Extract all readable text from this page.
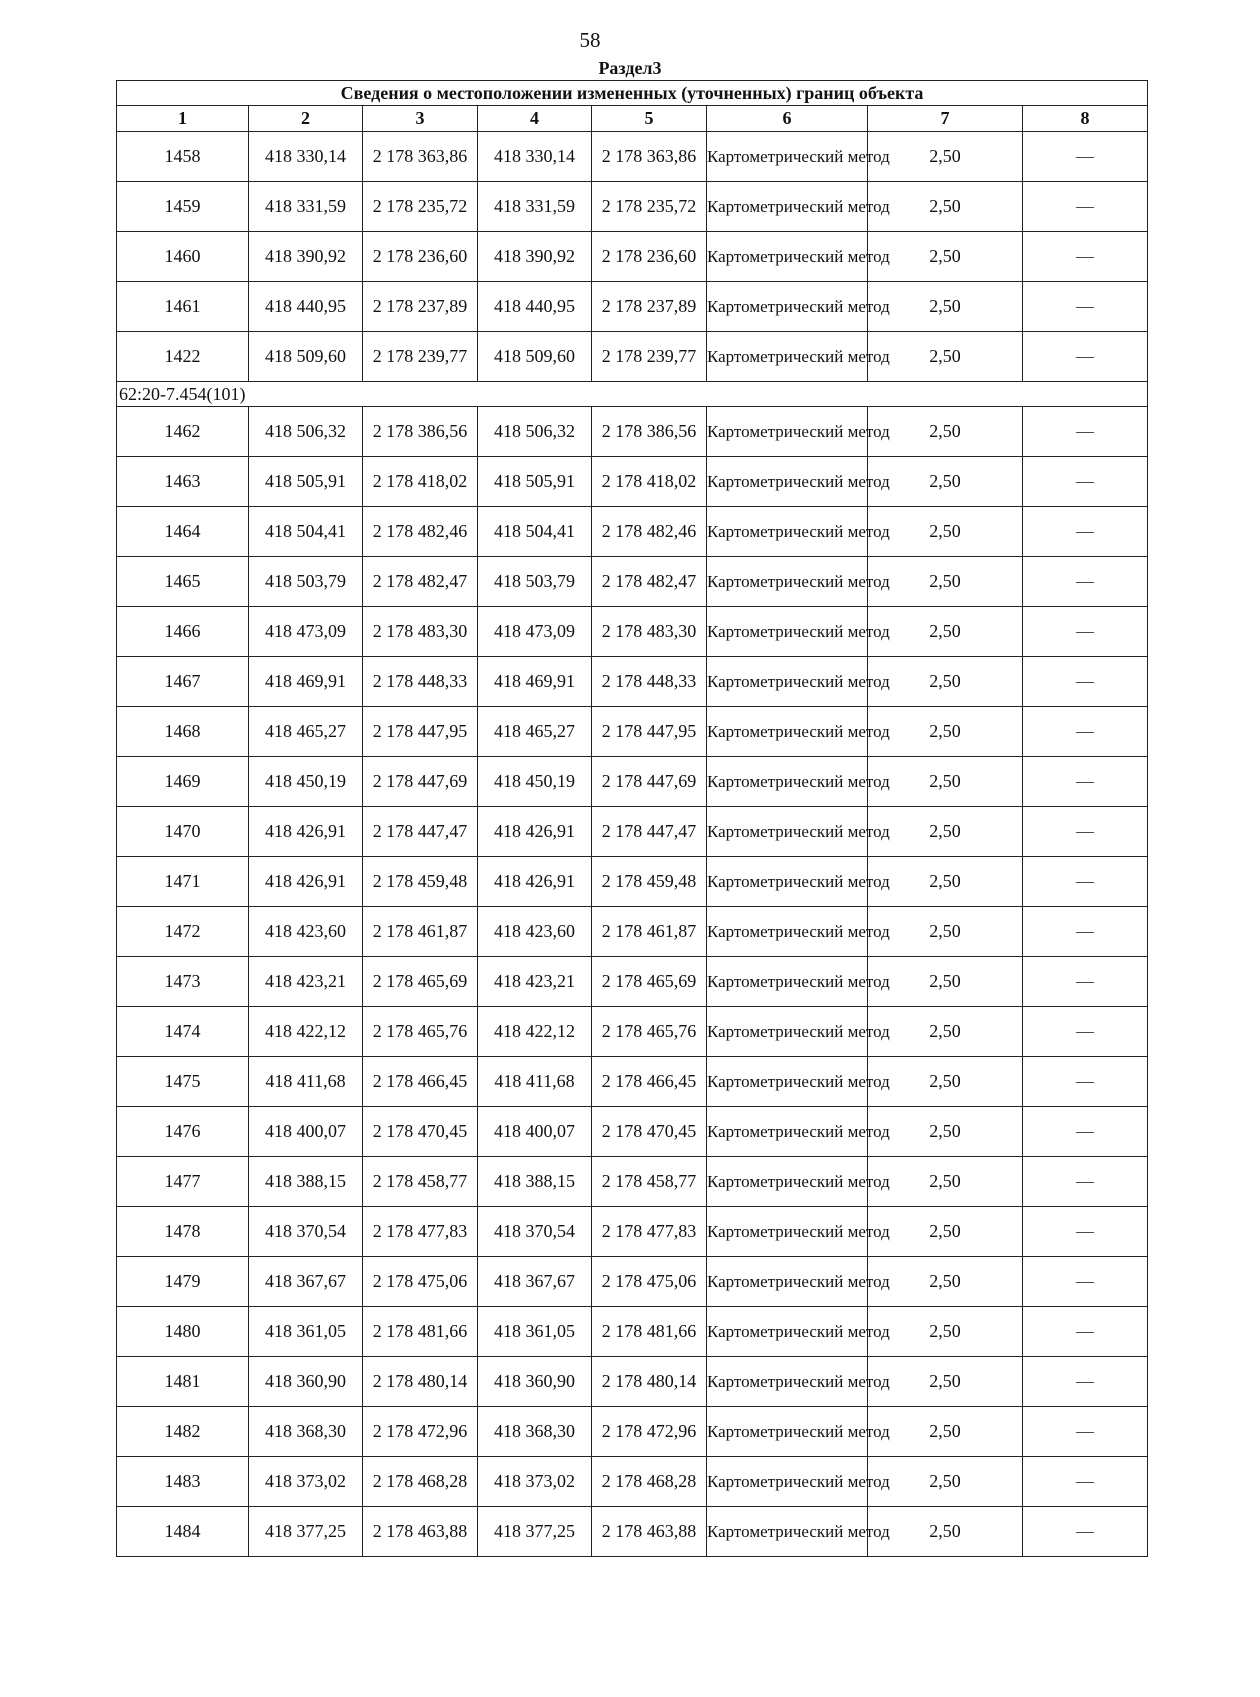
58
Раздел3
Сведения о местоположении измененных (уточненных) границ объекта							
1	2	3	4	5	6	7	8
1458	418 330,14	2 178 363,86	418 330,14	2 178 363,86	Картометрический метод	2,50	—
1459	418 331,59	2 178 235,72	418 331,59	2 178 235,72	Картометрический метод	2,50	—
1460	418 390,92	2 178 236,60	418 390,92	2 178 236,60	Картометрический метод	2,50	—
1461	418 440,95	2 178 237,89	418 440,95	2 178 237,89	Картометрический метод	2,50	—
1422	418 509,60	2 178 239,77	418 509,60	2 178 239,77	Картометрический метод	2,50	—
62:20-7.454(101)							
1462	418 506,32	2 178 386,56	418 506,32	2 178 386,56	Картометрический метод	2,50	—
1463	418 505,91	2 178 418,02	418 505,91	2 178 418,02	Картометрический метод	2,50	—
1464	418 504,41	2 178 482,46	418 504,41	2 178 482,46	Картометрический метод	2,50	—
1465	418 503,79	2 178 482,47	418 503,79	2 178 482,47	Картометрический метод	2,50	—
1466	418 473,09	2 178 483,30	418 473,09	2 178 483,30	Картометрический метод	2,50	—
1467	418 469,91	2 178 448,33	418 469,91	2 178 448,33	Картометрический метод	2,50	—
1468	418 465,27	2 178 447,95	418 465,27	2 178 447,95	Картометрический метод	2,50	—
1469	418 450,19	2 178 447,69	418 450,19	2 178 447,69	Картометрический метод	2,50	—
1470	418 426,91	2 178 447,47	418 426,91	2 178 447,47	Картометрический метод	2,50	—
1471	418 426,91	2 178 459,48	418 426,91	2 178 459,48	Картометрический метод	2,50	—
1472	418 423,60	2 178 461,87	418 423,60	2 178 461,87	Картометрический метод	2,50	—
1473	418 423,21	2 178 465,69	418 423,21	2 178 465,69	Картометрический метод	2,50	—
1474	418 422,12	2 178 465,76	418 422,12	2 178 465,76	Картометрический метод	2,50	—
1475	418 411,68	2 178 466,45	418 411,68	2 178 466,45	Картометрический метод	2,50	—
1476	418 400,07	2 178 470,45	418 400,07	2 178 470,45	Картометрический метод	2,50	—
1477	418 388,15	2 178 458,77	418 388,15	2 178 458,77	Картометрический метод	2,50	—
1478	418 370,54	2 178 477,83	418 370,54	2 178 477,83	Картометрический метод	2,50	—
1479	418 367,67	2 178 475,06	418 367,67	2 178 475,06	Картометрический метод	2,50	—
1480	418 361,05	2 178 481,66	418 361,05	2 178 481,66	Картометрический метод	2,50	—
1481	418 360,90	2 178 480,14	418 360,90	2 178 480,14	Картометрический метод	2,50	—
1482	418 368,30	2 178 472,96	418 368,30	2 178 472,96	Картометрический метод	2,50	—
1483	418 373,02	2 178 468,28	418 373,02	2 178 468,28	Картометрический метод	2,50	—
1484	418 377,25	2 178 463,88	418 377,25	2 178 463,88	Картометрический метод	2,50	—
